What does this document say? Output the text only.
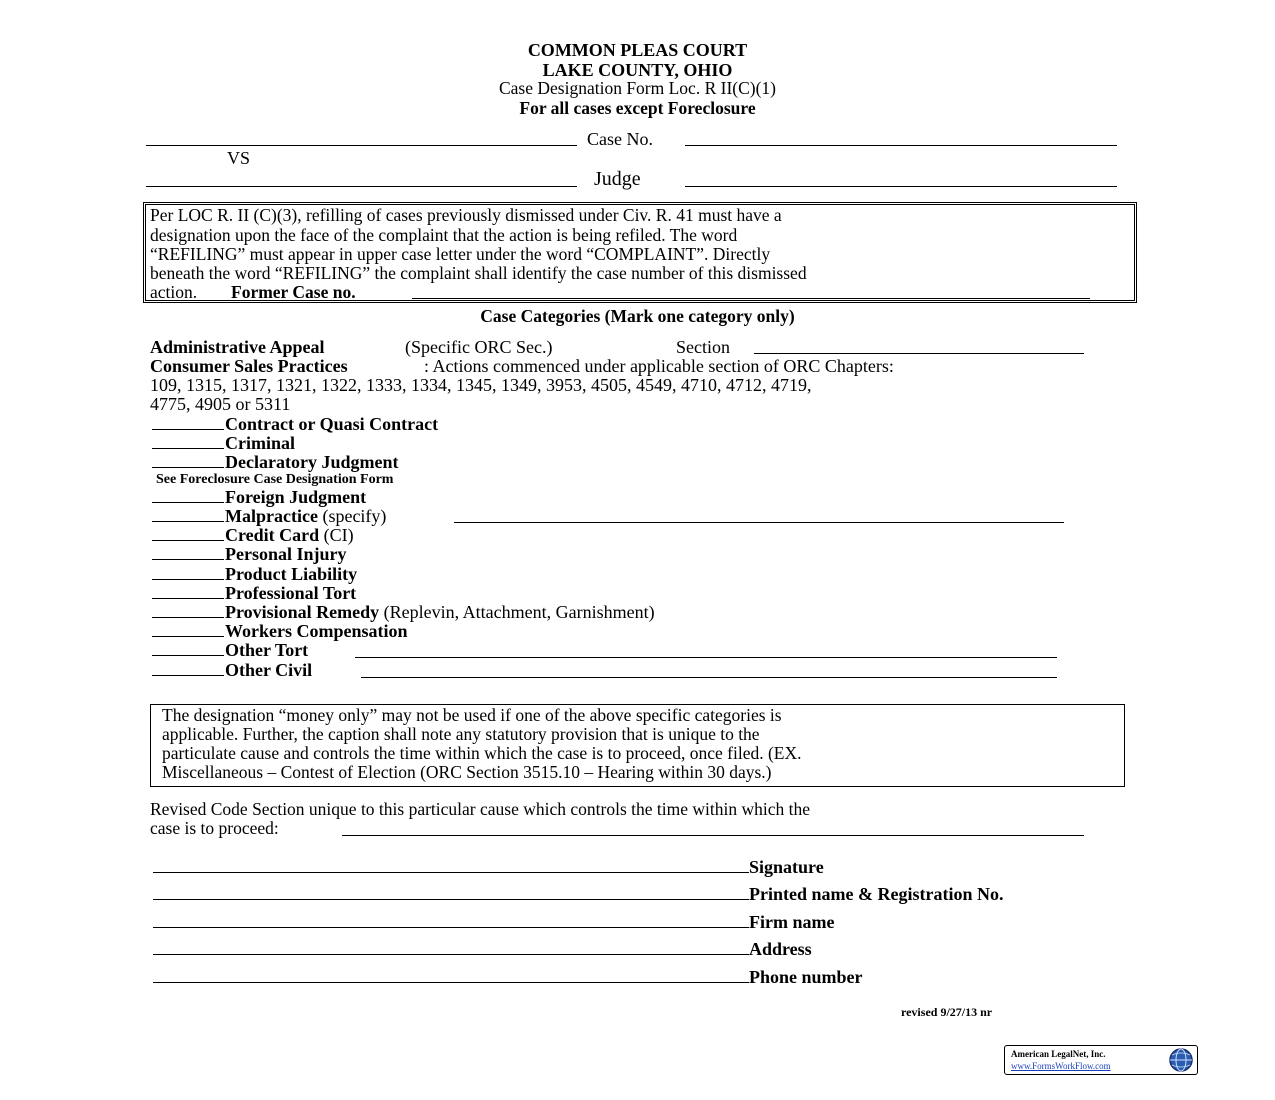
COMMON PLEAS COURT
LAKE COUNTY, OHIO
Case Designation Form Loc. R II(C)(1)
For all cases except Foreclosure
Case No.
VS
Judge
Per LOC R. II (C)(3), refilling of cases previously dismissed under Civ. R. 41 must have a
designation upon the face of the complaint that the action is being refiled. The word
“REFILING” must appear in upper case letter under the word “COMPLAINT”. Directly
beneath the word “REFILING” the complaint shall identify the case number of this dismissed
action. Former Case no.
Case Categories (Mark one category only)
Administrative Appeal	(Specific ORC Sec.)	Section
Consumer Sales Practices	: Actions commenced under applicable section of ORC Chapters:
109, 1315, 1317, 1321, 1322, 1333, 1334, 1345, 1349, 3953, 4505, 4549, 4710, 4712, 4719,
4775, 4905 or 5311
Contract or Quasi Contract
Criminal
Declaratory Judgment
See Foreclosure Case Designation Form
Foreign Judgment
Malpractice (specify)
Credit Card (CI)
Personal Injury
Product Liability
Professional Tort
Provisional Remedy (Replevin, Attachment, Garnishment)
Workers Compensation
Other Tort
Other Civil
The designation “money only” may not be used if one of the above specific categories is
applicable. Further, the caption shall note any statutory provision that is unique to the
particulate cause and controls the time within which the case is to proceed, once filed. (EX.
Miscellaneous – Contest of Election (ORC Section 3515.10 – Hearing within 30 days.)
Revised Code Section unique to this particular cause which controls the time within which the
case is to proceed:
Signature
Printed name & Registration No.
Firm name
Address
Phone number
revised 9/27/13 nr
American LegalNet, Inc.
www.FormsWorkFlow.com
